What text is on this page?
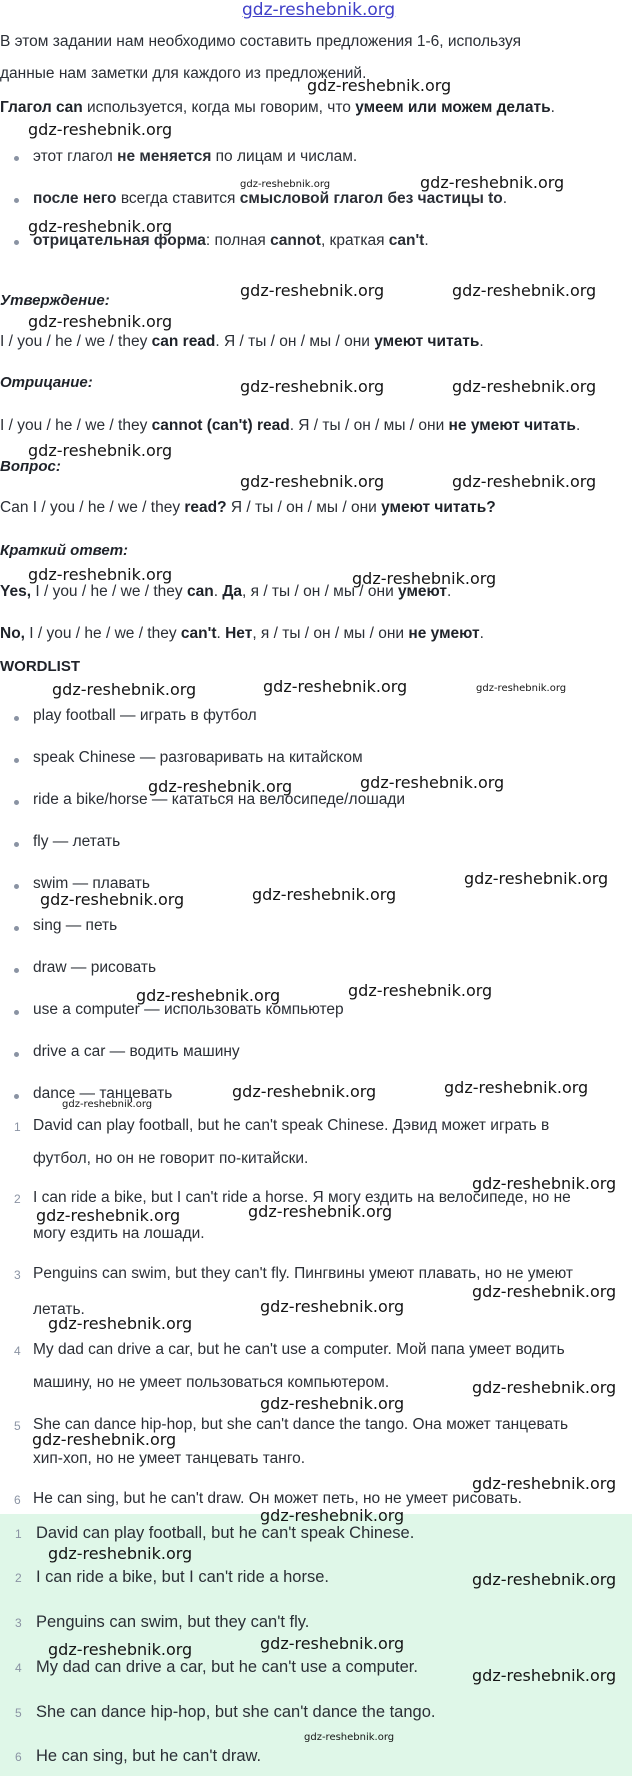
gdz-reshebnik.org
В этом задании нам необходимо составить предложения 1-6, используя
данные нам заметки для каждого из предложений.
Глагол can используется, когда мы говорим, что умеем или можем делать.
этот глагол не меняется по лицам и числам.
после него всегда ставится смысловой глагол без частицы to.
отрицательная форма: полная cannot, краткая can't.
Утверждение:
I / you / he / we / they can read. Я / ты / он / мы / они умеют читать.
Отрицание:
I / you / he / we / they cannot (can't) read. Я / ты / он / мы / они не умеют читать.
Вопрос:
Can I / you / he / we / they read? Я / ты / он / мы / они умеют читать?
Краткий ответ:
Yes, I / you / he / we / they can. Да, я / ты / он / мы / они умеют.
No, I / you / he / we / they can't. Нет, я / ты / он / мы / они не умеют.
WORDLIST
play football — играть в футбол
speak Chinese — разговаривать на китайском
ride a bike/horse — кататься на велосипеде/лошади
fly — летать
swim — плавать
sing — петь
draw — рисовать
use a computer — использовать компьютер
drive a car — водить машину
dance — танцевать
1 David can play football, but he can't speak Chinese. Дэвид может играть в
футбол, но он не говорит по-китайски.
2 I can ride a bike, but I can't ride a horse. Я могу ездить на велосипеде, но не
могу ездить на лошади.
3 Penguins can swim, but they can't fly. Пингвины умеют плавать, но не умеют
летать.
4 My dad can drive a car, but he can't use a computer. Мой папа умеет водить
машину, но не умеет пользоваться компьютером.
5 She can dance hip-hop, but she can't dance the tango. Она может танцевать
хип-хоп, но не умеет танцевать танго.
6 He can sing, but he can't draw. Он может петь, но не умеет рисовать.
1 David can play football, but he can't speak Chinese.
2 I can ride a bike, but I can't ride a horse.
3 Penguins can swim, but they can't fly.
4 My dad can drive a car, but he can't use a computer.
5 She can dance hip-hop, but she can't dance the tango.
6 He can sing, but he can't draw.
gdz-reshebnik.org
gdz-reshebnik.org
gdz-reshebnik.org	gdz-reshebnik.org
gdz-reshebnik.org
gdz-reshebnik.org	gdz-reshebnik.org
gdz-reshebnik.org
gdz-reshebnik.org	gdz-reshebnik.org
gdz-reshebnik.org
gdz-reshebnik.org	gdz-reshebnik.org
gdz-reshebnik.org	gdz-reshebnik.org
gdz-reshebnik.org	gdz-reshebnik.org	gdz-reshebnik.org
gdz-reshebnik.org	gdz-reshebnik.org
gdz-reshebnik.org
gdz-reshebnik.org	gdz-reshebnik.org
gdz-reshebnik.org	gdz-reshebnik.org
gdz-reshebnik.org	gdz-reshebnik.org
gdz-reshebnik.org
gdz-reshebnik.org
gdz-reshebnik.org	gdz-reshebnik.org
gdz-reshebnik.org
gdz-reshebnik.org
gdz-reshebnik.org
gdz-reshebnik.org
gdz-reshebnik.org
gdz-reshebnik.org
gdz-reshebnik.org
gdz-reshebnik.org
gdz-reshebnik.org
gdz-reshebnik.org
gdz-reshebnik.org	gdz-reshebnik.org
gdz-reshebnik.org
gdz-reshebnik.org
